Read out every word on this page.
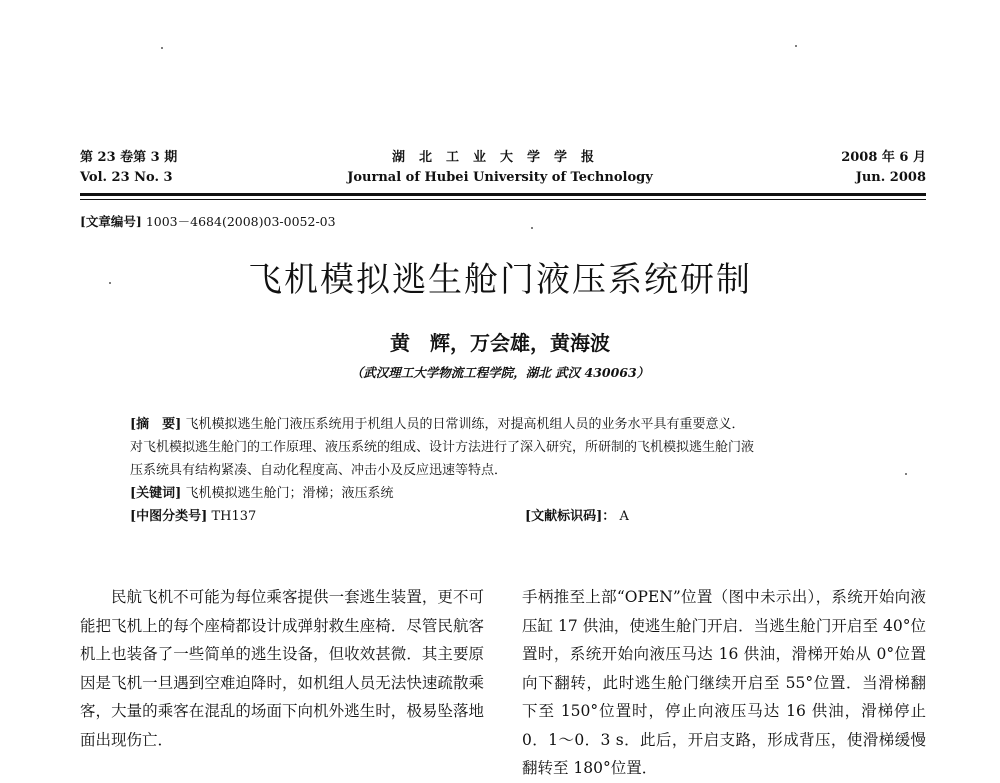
第 23 卷第 3 期
Vol. 23 No. 3
湖北工业大学学报
Journal of Hubei University of Technology
2008 年 6 月
Jun. 2008
[文章编号] 1003－4684(2008)03-0052-03
飞机模拟逃生舱门液压系统研制
黄　辉，万会雄，黄海波
（武汉理工大学物流工程学院，湖北 武汉 430063）

[摘　要] 飞机模拟逃生舱门液压系统用于机组人员的日常训练，对提高机组人员的业务水平具有重要意义．

对飞机模拟逃生舱门的工作原理、液压系统的组成、设计方法进行了深入研究，所研制的飞机模拟逃生舱门液

压系统具有结构紧凑、自动化程度高、冲击小及反应迅速等特点．

[关键词] 飞机模拟逃生舱门；滑梯；液压系统

[中图分类号] TH137	[文献标识码]： A

民航飞机不可能为每位乘客提供一套逃生装置，更不可能把飞机上的每个座椅都设计成弹射救生座椅．尽管民航客机上也装备了一些简单的逃生设备，但收效甚微．其主要原因是飞机一旦遇到空难迫降时，如机组人员无法快速疏散乘客，大量的乘客在混乱的场面下向机外逃生时，极易坠落地面出现伤亡．

手柄推至上部“OPEN”位置（图中未示出），系统开始向液压缸 17 供油，使逃生舱门开启．当逃生舱门开启至 40°位置时，系统开始向液压马达 16 供油，滑梯开始从 0°位置向下翻转，此时逃生舱门继续开启至 55°位置．当滑梯翻下至 150°位置时，停止向液压马达 16 供油，滑梯停止 0．1～0．3 s．此后，开启支路，形成背压，使滑梯缓慢翻转至 180°位置．
